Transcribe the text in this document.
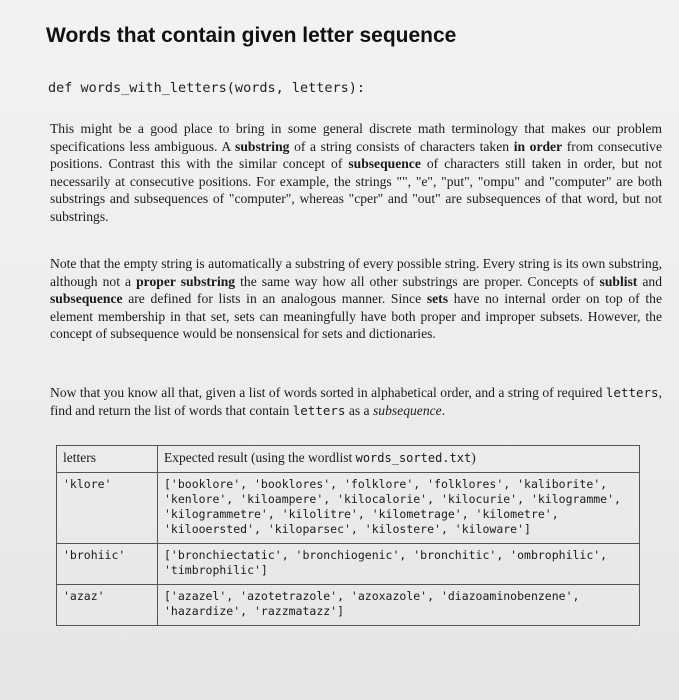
Words that contain given letter sequence
def words_with_letters(words, letters):
This might be a good place to bring in some general discrete math terminology that makes our problem specifications less ambiguous. A substring of a string consists of characters taken in order from consecutive positions. Contrast this with the similar concept of subsequence of characters still taken in order, but not necessarily at consecutive positions. For example, the strings "", "e", "put", "ompu" and "computer" are both substrings and subsequences of "computer", whereas "cper" and "out" are subsequences of that word, but not substrings.
Note that the empty string is automatically a substring of every possible string. Every string is its own substring, although not a proper substring the same way how all other substrings are proper. Concepts of sublist and subsequence are defined for lists in an analogous manner. Since sets have no internal order on top of the element membership in that set, sets can meaningfully have both proper and improper subsets. However, the concept of subsequence would be nonsensical for sets and dictionaries.
Now that you know all that, given a list of words sorted in alphabetical order, and a string of required letters, find and return the list of words that contain letters as a subsequence.
letters	Expected result (using the wordlist words_sorted.txt)
'klore'	['booklore', 'booklores', 'folklore', 'folklores', 'kaliborite', 'kenlore', 'kiloampere', 'kilocalorie', 'kilocurie', 'kilogramme', 'kilogrammetre', 'kilolitre', 'kilometrage', 'kilometre', 'kilooersted', 'kiloparsec', 'kilostere', 'kiloware']
'brohiic'	['bronchiectatic', 'bronchiogenic', 'bronchitic', 'ombrophilic', 'timbrophilic']
'azaz'	['azazel', 'azotetrazole', 'azoxazole', 'diazoaminobenzene', 'hazardize', 'razzmatazz']
